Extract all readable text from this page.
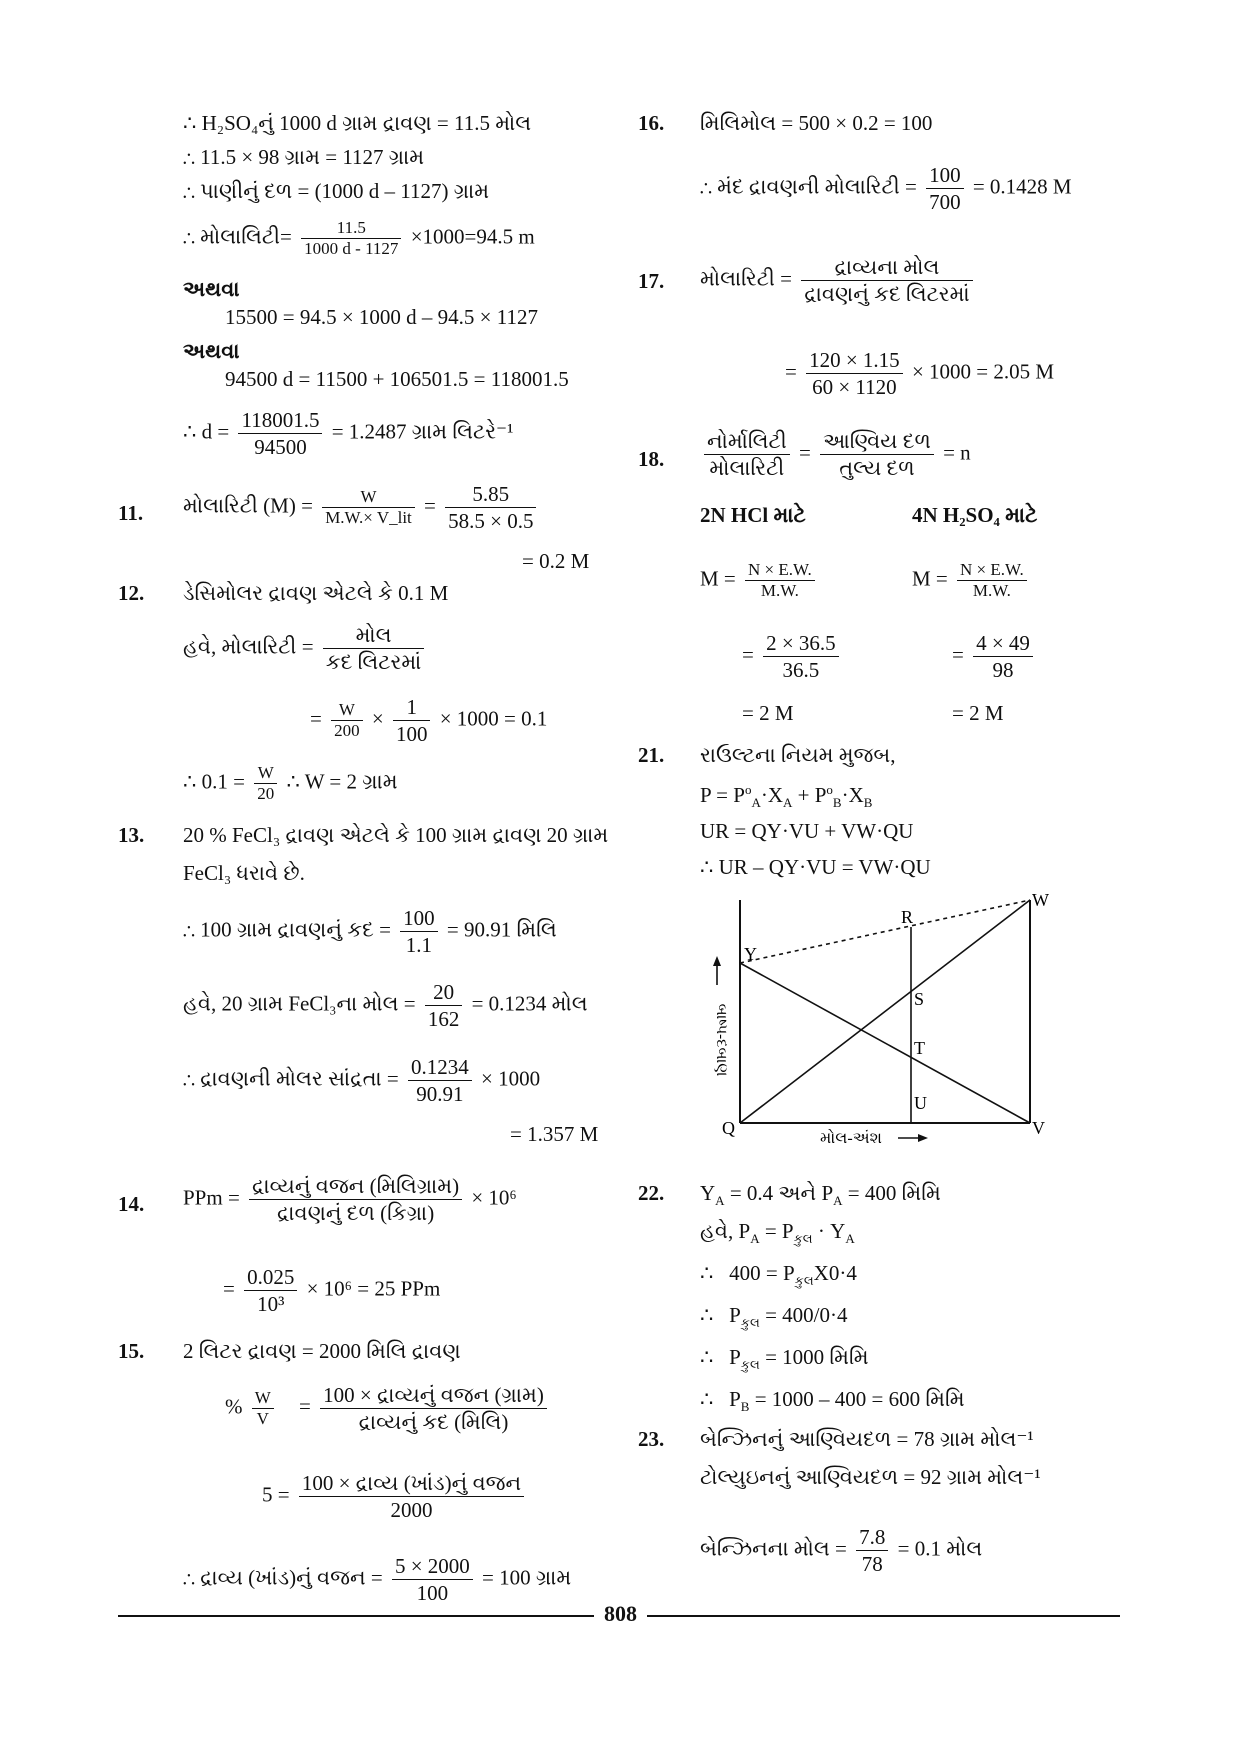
∴ H₂SO₄નું 1000 d ગ્રામ દ્રાવણ = 11.5 મોલ
∴ 11.5 × 98 ગ્રામ = 1127 ગ્રામ
∴ પાણીનું દળ = (1000 d – 1127) ગ્રામ
∴ મોલાલિટી= $\frac{11.5}{1000 d - 1127} \times 1000=94.5$ m
અથવા
15500 = 94.5 × 1000 d – 94.5 × 1127
અથવા
94500 d = 11500 + 106501.5 = 118001.5
∴ $d = \frac{118001.5}{94500} = 1.2487$ ગ્રામ લિટરે⁻¹
11. મોલારિટી $(M) = \frac{W}{\text{M.W.× V\_lit}} = \frac{5.85}{58.5 \times 0.5}$
= 0.2 M
12. ડેસિમોલર દ્રાવણ એટલે કે 0.1 M
હવે, મોલારિટી = $\frac{\text{મોલ}}{\text{કદ લિટરમાં}}$
= $\frac{W}{200} \times \frac{1}{100} \times 1000 = 0.1$
∴ $0.1 = \frac{W}{20}$ ∴ W = 2 ગ્રામ
13. 20 % FeCl₃ દ્રાવણ એટલે કે 100 ગ્રામ દ્રાવણ 20 ગ્રામ
FeCl₃ ધરાવે છે.
∴ 100 ગ્રામ દ્રાવણનું કદ = $\frac{100}{1.1} = 90.91$ મિલિ
હવે, 20 ગ્રામ FeCl₃ના મોલ = $\frac{20}{162} = 0.1234$ મોલ
∴ દ્રાવણની મોલર સાંદ્રતા = $\frac{0.1234}{90.91} \times 1000$
= 1.357 M
14. PPm = $\frac{\text{દ્રાવ્યનું વજન (મિલિગ્રામ)}}{\text{દ્રાવણનું દળ (કિગ્રા)}} \times 10^6$
= $\frac{0.025}{\text{10³}} \times 10^6 = 25$ PPm
15. 2 લિટર દ્રાવણ = 2000 મિલિ દ્રાવણ
% $\frac{W}{V} = \frac{\text{100 × દ્રાવ્યનું વજન (ગ્રામ)}}{\text{દ્રાવ્યનું કદ (મિલિ)}}$
$5 = \frac{\text{100 × દ્રાવ્ય (ખાંડ)નું વજન}}{2000}$
∴ દ્રાવ્ય (ખાંડ)નું વજન = $\frac{5 \times 2000}{100} = 100$ ગ્રામ
16. મિલિમોલ = 500 × 0.2 = 100
∴ મંદ દ્રાવણની મોલારિટી = $\frac{100}{700} = 0.1428$ M
17. મોલારિટી = $\frac{\text{દ્રાવ્યના મોલ}}{\text{દ્રાવણનું કદ લિટરમાં}}$
= $\frac{120 \times 1.15}{60 \times 1120} \times 1000 = 2.05$ M
18. $\frac{\text{નોર્માલિટી}}{\text{મોલારિટી}} = \frac{\text{આણ્વિય દળ}}{\text{તુલ્ય દળ}} = n$
2N HCl માટે	4N H₂SO₄ માટે
$M = \frac{N \times E.W.}{M.W.}$	$M = \frac{N \times E.W.}{M.W.}$
= $\frac{2 \times 36.5}{36.5}$	= $\frac{4 \times 49}{98}$
= 2 M	= 2 M
21. રાઉલ્ટના નિયમ મુજબ,
$P = P^o_A\cdot X_A + P^o_B\cdot X_B$
UR = QY·VU + VW·QU
∴ UR – QY·VU = VW·QU
W
R
Y
S
T
Q
U
V
બાષ્પ-દબાણ
મોલ-અંશ
22. $Y_A = 0.4$ અને $P_A = 400$ મિમિ
હવે, $P_A = P_{કુલ} \cdot Y_A$
∴   $400 = P_{કુલ}X0\cdot 4$
∴   $P_{કુલ} = 400/0\cdot 4$
∴   $P_{કુલ} = 1000$ મિમિ
∴   $P_B = 1000 - 400 = 600$ મિમિ
23. બેન્ઝિનનું આણ્વિયદળ = 78 ગ્રામ મોલ⁻¹
ટોલ્યુઇનનું આણ્વિયદળ = 92 ગ્રામ મોલ⁻¹
બેન્ઝિનના મોલ = $\frac{7.8}{78} = 0.1$ મોલ
808
